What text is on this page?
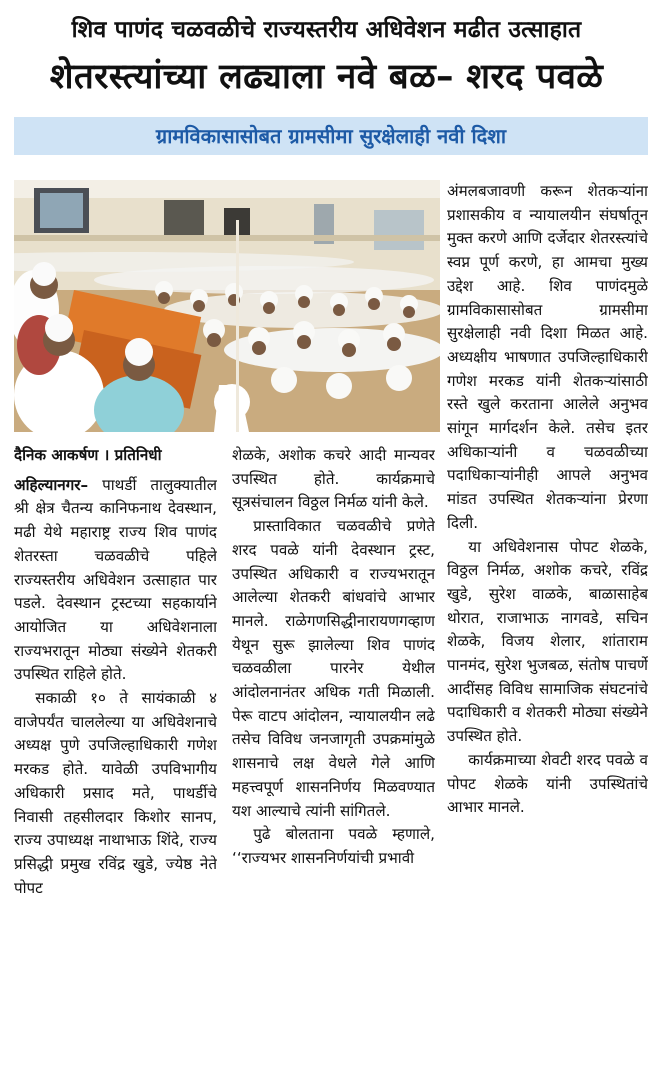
शिव पाणंद चळवळीचे राज्यस्तरीय अधिवेशन मढीत उत्साहात
शेतरस्त्यांच्या लढ्याला नवे बळ– शरद पवळे
ग्रामविकासासोबत ग्रामसीमा सुरक्षेलाही नवी दिशा

दैनिक आकर्षण । प्रतिनिधी

अहिल्यानगर– पाथर्डी तालुक्यातील श्री क्षेत्र चैतन्य कानिफनाथ देवस्थान, मढी येथे महाराष्ट्र राज्य शिव पाणंद शेतरस्ता चळवळीचे पहिले राज्यस्तरीय अधिवेशन उत्साहात पार पडले. देवस्थान ट्रस्टच्या सहकार्याने आयोजित या अधिवेशनाला राज्यभरातून मोठ्या संख्येने शेतकरी उपस्थित राहिले होते.

सकाळी १० ते सायंकाळी ४ वाजेपर्यंत चाललेल्या या अधिवेशनाचे अध्यक्ष पुणे उपजिल्हाधिकारी गणेश मरकड होते. यावेळी उपविभागीय अधिकारी प्रसाद मते, पाथर्डीचे निवासी तहसीलदार किशोर सानप, राज्य उपाध्यक्ष नाथाभाऊ शिंदे, राज्य प्रसिद्धी प्रमुख रविंद्र खुडे, ज्येष्ठ नेते पोपट

शेळके, अशोक कचरे आदी मान्यवर उपस्थित होते. कार्यक्रमाचे सूत्रसंचालन विठ्ठल निर्मळ यांनी केले.

प्रास्ताविकात चळवळीचे प्रणेते शरद पवळे यांनी देवस्थान ट्रस्ट, उपस्थित अधिकारी व राज्यभरातून आलेल्या शेतकरी बांधवांचे आभार मानले. राळेगणसिद्धीनारायणगव्हाण येथून सुरू झालेल्या शिव पाणंद चळवळीला पारनेर येथील आंदोलनानंतर अधिक गती मिळाली. पेरू वाटप आंदोलन, न्यायालयीन लढे तसेच विविध जनजागृती उपक्रमांमुळे शासनाचे लक्ष वेधले गेले आणि महत्त्वपूर्ण शासननिर्णय मिळवण्यात यश आल्याचे त्यांनी सांगितले.

पुढे बोलताना पवळे म्हणाले, ‘‘राज्यभर शासननिर्णयांची प्रभावी

अंमलबजावणी करून शेतकऱ्यांना प्रशासकीय व न्यायालयीन संघर्षातून मुक्त करणे आणि दर्जेदार शेतरस्त्यांचे स्वप्न पूर्ण करणे, हा आमचा मुख्य उद्देश आहे. शिव पाणंदमुळे ग्रामविकासासोबत ग्रामसीमा सुरक्षेलाही नवी दिशा मिळत आहे. अध्यक्षीय भाषणात उपजिल्हाधिकारी गणेश मरकड यांनी शेतकऱ्यांसाठी रस्ते खुले करताना आलेले अनुभव सांगून मार्गदर्शन केले. तसेच इतर अधिकाऱ्यांनी व चळवळीच्या पदाधिकाऱ्यांनीही आपले अनुभव मांडत उपस्थित शेतकऱ्यांना प्रेरणा दिली.

या अधिवेशनास पोपट शेळके, विठ्ठल निर्मळ, अशोक कचरे, रविंद्र खुडे, सुरेश वाळके, बाळासाहेब थोरात, राजाभाऊ नागवडे, सचिन शेळके, विजय शेलार, शांताराम पानमंद, सुरेश भुजबळ, संतोष पाचर्णे आदींसह विविध सामाजिक संघटनांचे पदाधिकारी व शेतकरी मोठ्या संख्येने उपस्थित होते.

कार्यक्रमाच्या शेवटी शरद पवळे व पोपट शेळके यांनी उपस्थितांचे आभार मानले.
